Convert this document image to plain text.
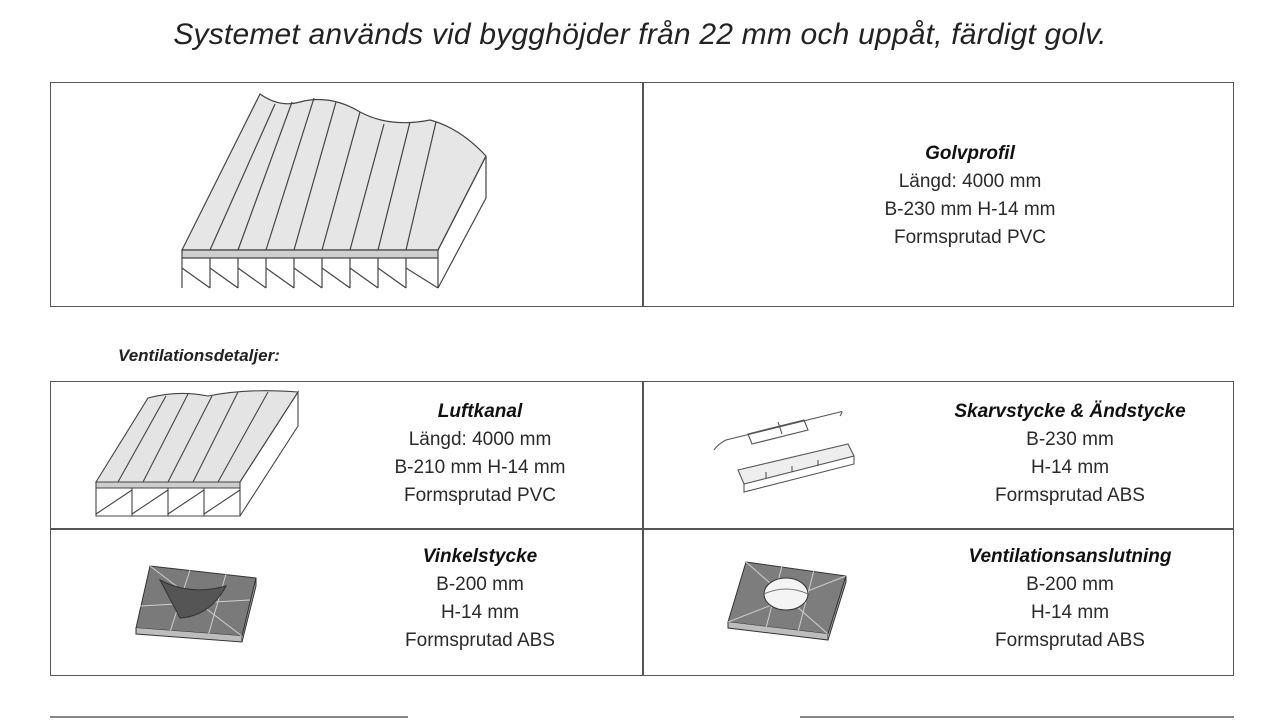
Systemet används vid bygghöjder från 22 mm och uppåt, färdigt golv.
Golvprofil
Längd: 4000 mm
B-230 mm H-14 mm
Formsprutad PVC
Ventilationsdetaljer:
Luftkanal
Längd: 4000 mm
B-210 mm H-14 mm
Formsprutad PVC
Skarvstycke & Ändstycke
B-230 mm
H-14 mm
Formsprutad ABS
Vinkelstycke
B-200 mm
H-14 mm
Formsprutad ABS
Ventilationsanslutning
B-200 mm
H-14 mm
Formsprutad ABS
